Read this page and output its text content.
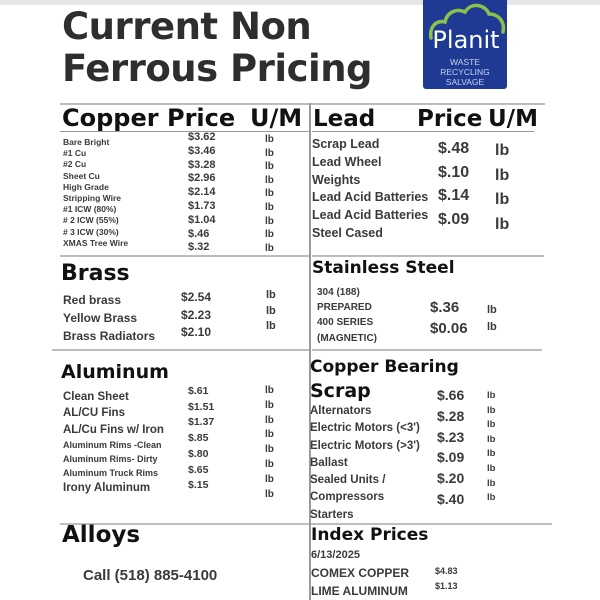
Current Non
Ferrous Pricing
Planit
WASTE
RECYCLING
SALVAGE
Copper Price U/M
Bare Bright
#1 Cu
#2 Cu
Sheet Cu
High Grade
Stripping Wire
#1 ICW (80%)
# 2 ICW (55%)
# 3 ICW (30%)
XMAS Tree Wire
$3.62
$3.46
$3.28
$2.96
$2.14
$1.73
$1.04
$.46
$.32
lb
lb
lb
lb
lb
lb
lb
lb
lb
Lead Price U/M
Scrap Lead
Lead Wheel
Weights
Lead Acid Batteries
Lead Acid Batteries
Steel Cased
$.48
$.10
$.14
$.09
lb
lb
lb
lb
Brass
Red brass
Yellow Brass
Brass Radiators
$2.54
$2.23
$2.10
lb
lb
lb
Stainless Steel
304 (188)
PREPARED
400 SERIES
(MAGNETIC)
$.36
$0.06
lb
lb
Aluminum
Clean Sheet
AL/CU Fins
AL/Cu Fins w/ Iron
Aluminum Rims -Clean
Aluminum Rims- Dirty
Aluminum Truck Rims
Irony Aluminum
$.61
$1.51
$1.37
$.85
$.80
$.65
$.15
lb
lb
lb
lb
lb
lb
lb
lb
Copper Bearing
Scrap
Alternators
Electric Motors (<3')
Electric Motors (>3')
Ballast
Sealed Units /
Compressors
Starters
$.66
$.28
$.23
$.09
$.20
$.40
lb
lb
lb
lb
lb
lb
lb
lb
Alloys
Call (518) 885-4100
Index Prices
6/13/2025
COMEX COPPER
LIME ALUMINUM
$4.83
$1.13
